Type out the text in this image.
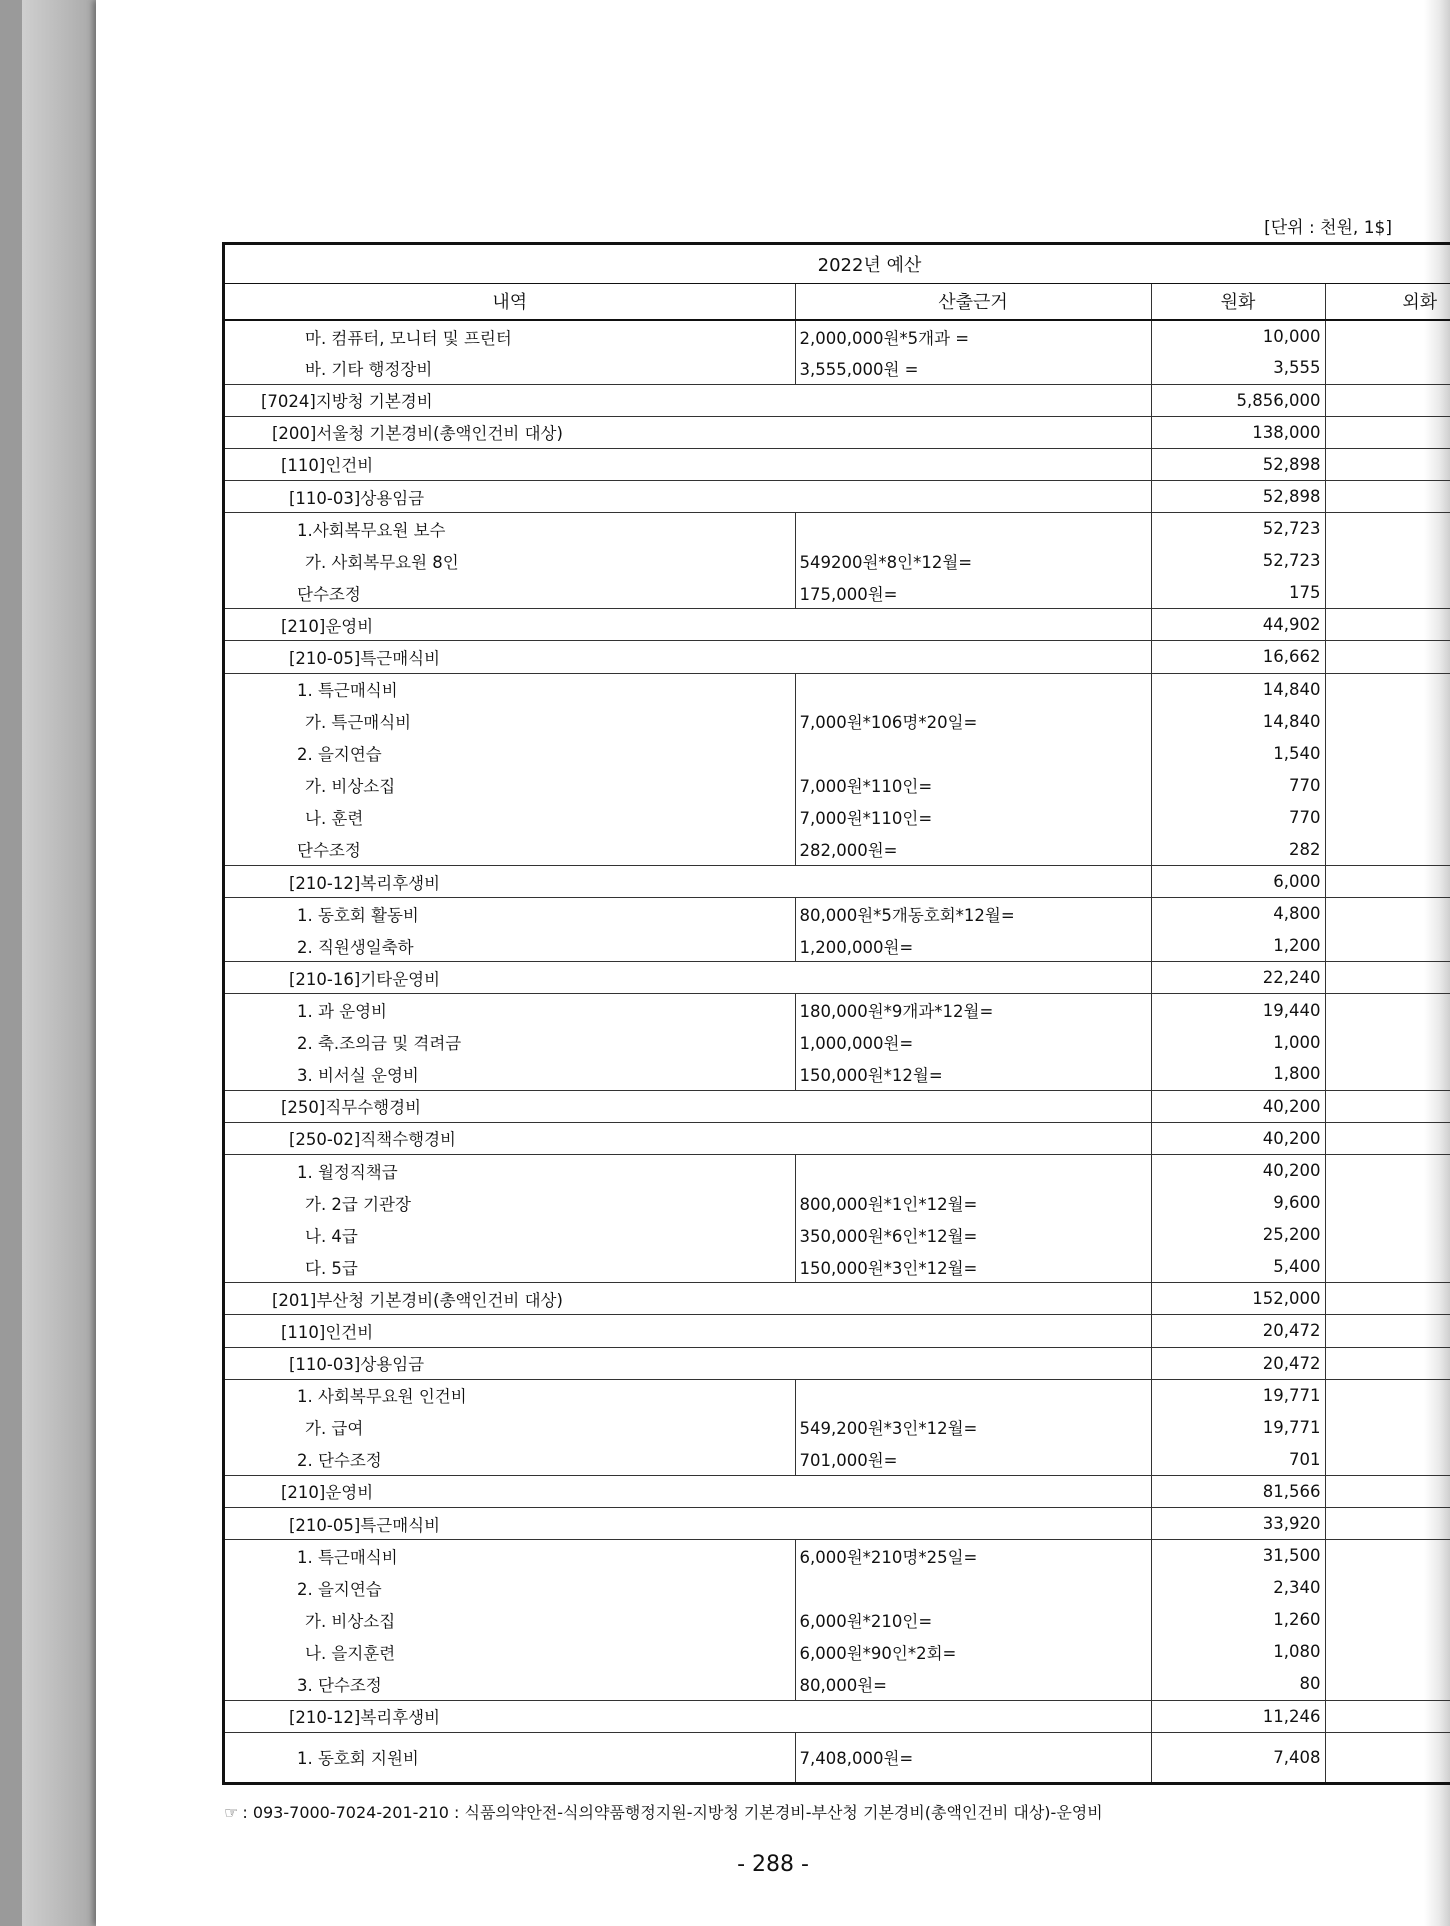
[단위 : 천원, 1$]
2022년 예산			
내역	산출근거	원화	외화
마. 컴퓨터, 모니터 및 프린터	2,000,000원*5개과 =	10,000	
바. 기타 행정장비	3,555,000원 =	3,555	
[7024]지방청 기본경비		5,856,000	
[200]서울청 기본경비(총액인건비 대상)		138,000	
[110]인건비		52,898	
[110-03]상용임금		52,898	
1.사회복무요원 보수		52,723	
가. 사회복무요원 8인	549200원*8인*12월=	52,723	
단수조정	175,000원=	175	
[210]운영비		44,902	
[210-05]특근매식비		16,662	
1. 특근매식비		14,840	
가. 특근매식비	7,000원*106명*20일=	14,840	
2. 을지연습		1,540	
가. 비상소집	7,000원*110인=	770	
나. 훈련	7,000원*110인=	770	
단수조정	282,000원=	282	
[210-12]복리후생비		6,000	
1. 동호회 활동비	80,000원*5개동호회*12월=	4,800	
2. 직원생일축하	1,200,000원=	1,200	
[210-16]기타운영비		22,240	
1. 과 운영비	180,000원*9개과*12월=	19,440	
2. 축.조의금 및 격려금	1,000,000원=	1,000	
3. 비서실 운영비	150,000원*12월=	1,800	
[250]직무수행경비		40,200	
[250-02]직책수행경비		40,200	
1. 월정직책급		40,200	
가. 2급 기관장	800,000원*1인*12월=	9,600	
나. 4급	350,000원*6인*12월=	25,200	
다. 5급	150,000원*3인*12월=	5,400	
[201]부산청 기본경비(총액인건비 대상)		152,000	
[110]인건비		20,472	
[110-03]상용임금		20,472	
1. 사회복무요원 인건비		19,771	
가. 급여	549,200원*3인*12월=	19,771	
2. 단수조정	701,000원=	701	
[210]운영비		81,566	
[210-05]특근매식비		33,920	
1. 특근매식비	6,000원*210명*25일=	31,500	
2. 을지연습		2,340	
가. 비상소집	6,000원*210인=	1,260	
나. 을지훈련	6,000원*90인*2회=	1,080	
3. 단수조정	80,000원=	80	
[210-12]복리후생비		11,246	
1. 동호회 지원비	7,408,000원=	7,408	
☞ : 093-7000-7024-201-210 : 식품의약안전-식의약품행정지원-지방청 기본경비-부산청 기본경비(총액인건비 대상)-운영비
- 288 -
